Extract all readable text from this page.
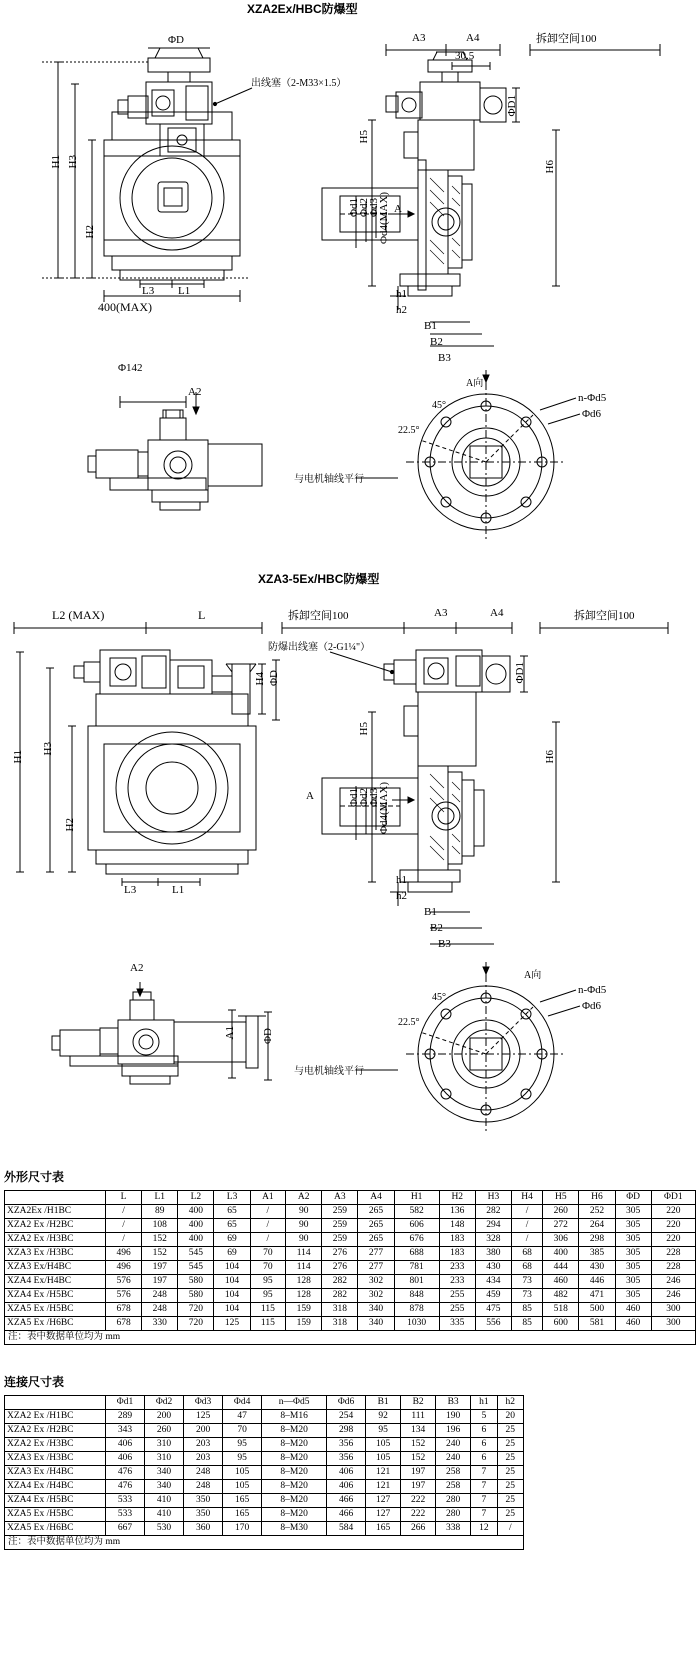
XZA2Ex/HBC防爆型
ΦD
出线塞（2-M33×1.5）
A3	A4	拆卸空间100
30.5
H1 H3
H2
L3 L1
400(MAX)
H5
H6
ΦD1
Φd1
Φd2
Φd3
Φd4(MAX) A
h1
h2
B1
B2
B3
Φ142
A2
A向
45°
22.5°
n-Φd5
Φd6
与电机轴线平行
XZA3-5Ex/HBC防爆型
L2 (MAX)	L	拆卸空间100	A3	A4	拆卸空间100
防爆出线塞（2-G1¼"）
ΦD1
H4 ΦD
H1
H3
H2
L3	L1
H5
H6
A	Φd1
Φd2
Φd3
Φd4(MAX)
h1
h2
B1
B2
B3
A2
A1 ΦD
A向
45°
22.5°
n-Φd5
Φd6
与电机轴线平行
外形尺寸表
	L	L1	L2	L3	A1	A2	A3	A4	H1	H2	H3	H4	H5	H6	ΦD	ΦD1
XZA2Ex /H1BC	/	89	400	65	/	90	259	265	582	136	282	/	260	252	305	220
XZA2 Ex /H2BC	/	108	400	65	/	90	259	265	606	148	294	/	272	264	305	220
XZA2 Ex /H3BC	/	152	400	69	/	90	259	265	676	183	328	/	306	298	305	220
XZA3 Ex /H3BC	496	152	545	69	70	114	276	277	688	183	380	68	400	385	305	228
XZA3 Ex/H4BC	496	197	545	104	70	114	276	277	781	233	430	68	444	430	305	228
XZA4 Ex/H4BC	576	197	580	104	95	128	282	302	801	233	434	73	460	446	305	246
XZA4 Ex /H5BC	576	248	580	104	95	128	282	302	848	255	459	73	482	471	305	246
XZA5 Ex /H5BC	678	248	720	104	115	159	318	340	878	255	475	85	518	500	460	300
XZA5 Ex /H6BC	678	330	720	125	115	159	318	340	1030	335	556	85	600	581	460	300
注：表中数据单位均为 mm																
连接尺寸表
	Φd1	Φd2	Φd3	Φd4	n—Φd5	Φd6	B1	B2	B3	h1	h2
XZA2 Ex /H1BC	289	200	125	47	8–M16	254	92	111	190	5	20
XZA2 Ex /H2BC	343	260	200	70	8–M20	298	95	134	196	6	25
XZA2 Ex /H3BC	406	310	203	95	8–M20	356	105	152	240	6	25
XZA3 Ex /H3BC	406	310	203	95	8–M20	356	105	152	240	6	25
XZA3 Ex /H4BC	476	340	248	105	8–M20	406	121	197	258	7	25
XZA4 Ex /H4BC	476	340	248	105	8–M20	406	121	197	258	7	25
XZA4 Ex /H5BC	533	410	350	165	8–M20	466	127	222	280	7	25
XZA5 Ex /H5BC	533	410	350	165	8–M20	466	127	222	280	7	25
XZA5 Ex /H6BC	667	530	360	170	8–M30	584	165	266	338	12	/
注：表中数据单位均为 mm											
